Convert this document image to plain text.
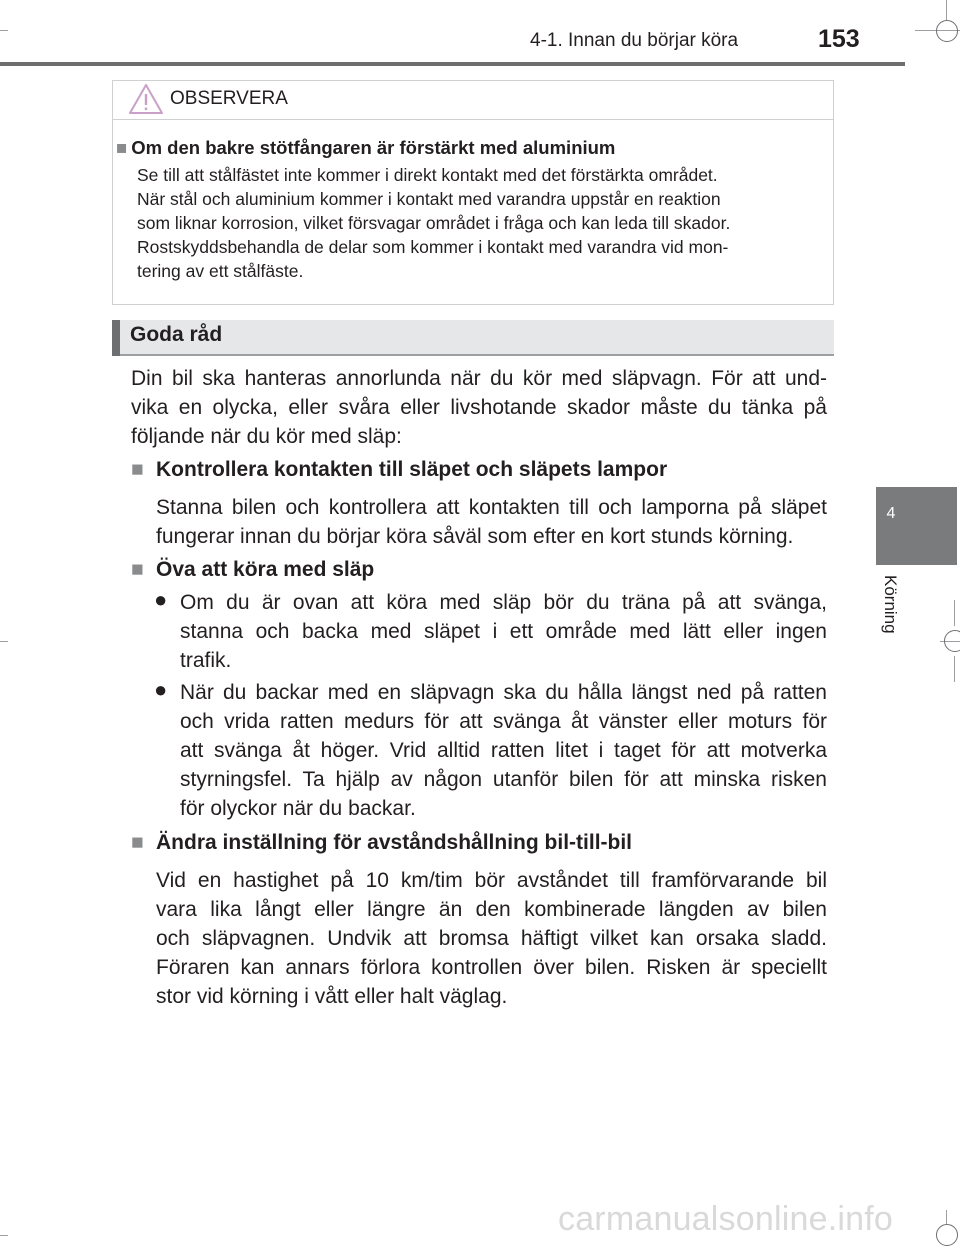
4-1. Innan du börjar köra	153
4
Körning
OBSERVERA
■ Om den bakre stötfångaren är förstärkt med aluminium
Se till att stålfästet inte kommer i direkt kontakt med det förstärkta området.
När stål och aluminium kommer i kontakt med varandra uppstår en reaktion
som liknar korrosion, vilket försvagar området i fråga och kan leda till skador.
Rostskyddsbehandla de delar som kommer i kontakt med varandra vid mon-
tering av ett stålfäste.
Goda råd
Din bil ska hanteras annorlunda när du kör med släpvagn. För att und-
vika en olycka, eller svåra eller livshotande skador måste du tänka på
följande när du kör med släp:
■ Kontrollera kontakten till släpet och släpets lampor
Stanna bilen och kontrollera att kontakten till och lamporna på släpet
fungerar innan du börjar köra såväl som efter en kort stunds körning.
■ Öva att köra med släp
● Om du är ovan att köra med släp bör du träna på att svänga,
stanna och backa med släpet i ett område med lätt eller ingen
trafik.
● När du backar med en släpvagn ska du hålla längst ned på ratten
och vrida ratten medurs för att svänga åt vänster eller moturs för
att svänga åt höger. Vrid alltid ratten litet i taget för att motverka
styrningsfel. Ta hjälp av någon utanför bilen för att minska risken
för olyckor när du backar.
■ Ändra inställning för avståndshållning bil-till-bil
Vid en hastighet på 10 km/tim bör avståndet till framförvarande bil
vara lika långt eller längre än den kombinerade längden av bilen
och släpvagnen. Undvik att bromsa häftigt vilket kan orsaka sladd.
Föraren kan annars förlora kontrollen över bilen. Risken är speciellt
stor vid körning i vått eller halt väglag.
carmanualsonline.info
